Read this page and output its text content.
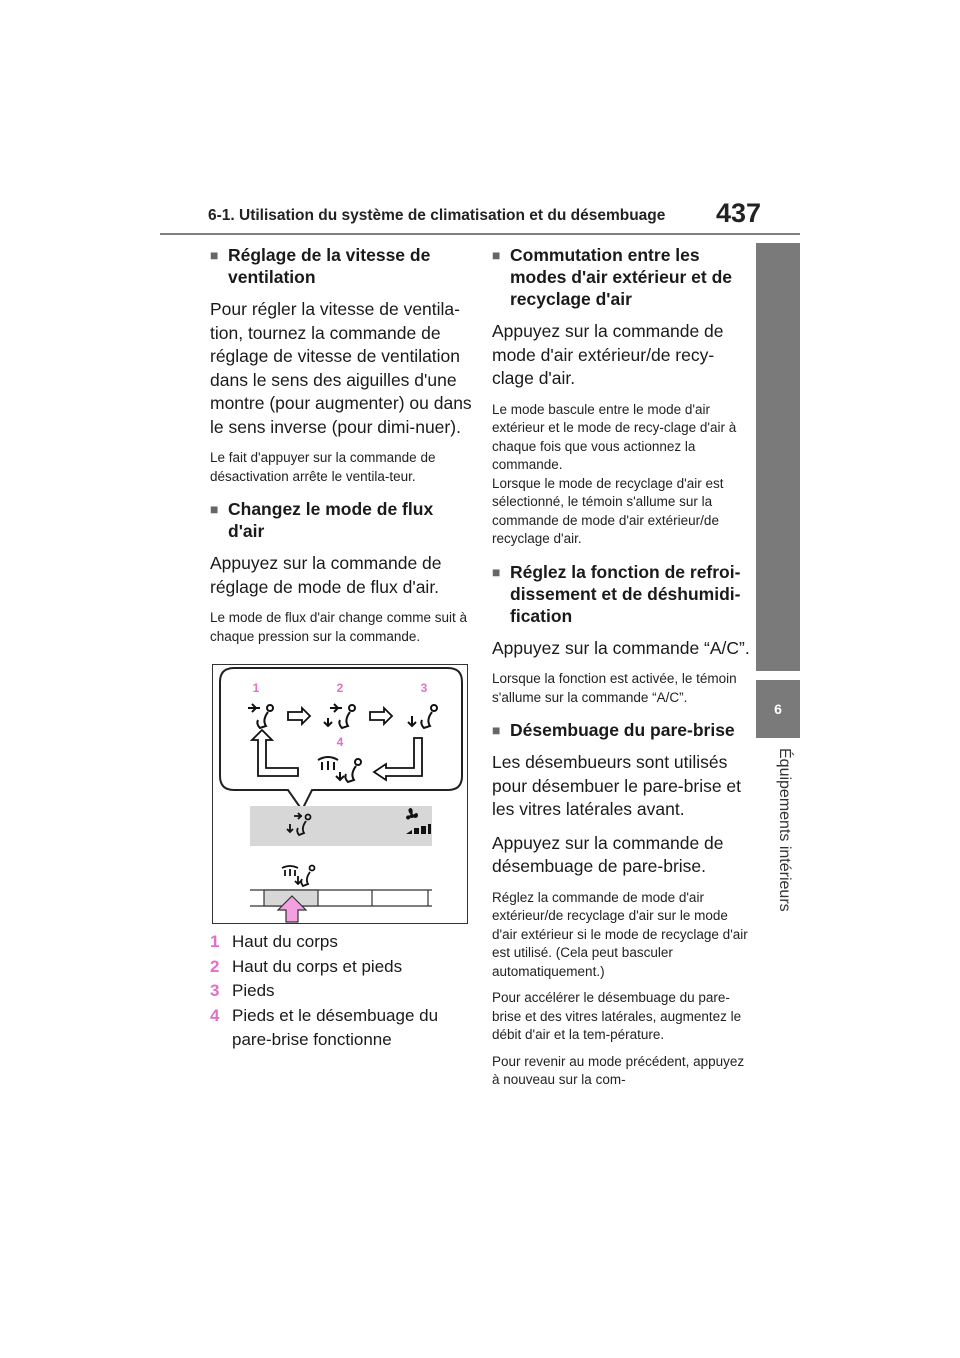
6-1. Utilisation du système de climatisation et du désembuage 437
6
Équipements intérieurs
■ Réglage de la vitesse de ventilation

Pour régler la vitesse de ventila-tion, tournez la commande de réglage de vitesse de ventilation dans le sens des aiguilles d'une montre (pour augmenter) ou dans le sens inverse (pour dimi-nuer).

Le fait d'appuyer sur la commande de désactivation arrête le ventila-teur.

■ Changez le mode de flux d'air

Appuyez sur la commande de réglage de mode de flux d'air.

Le mode de flux d'air change comme suit à chaque pression sur la commande.

1	2	3
4
1 Haut du corps
2 Haut du corps et pieds
3 Pieds
4 Pieds et le désembuage du pare-brise fonctionne
■ Commutation entre les modes d'air extérieur et de recyclage d'air

Appuyez sur la commande de mode d'air extérieur/de recy-clage d'air.

Le mode bascule entre le mode d'air extérieur et le mode de recy-clage d'air à chaque fois que vous actionnez la commande.

Lorsque le mode de recyclage d'air est sélectionné, le témoin s'allume sur la commande de mode d'air extérieur/de recyclage d'air.

■ Réglez la fonction de refroi-dissement et de déshumidi-fication

Appuyez sur la commande “A/C”.

Lorsque la fonction est activée, le témoin s'allume sur la commande “A/C”.

■ Désembuage du pare-brise

Les désembueurs sont utilisés pour désembuer le pare-brise et les vitres latérales avant.

Appuyez sur la commande de désembuage de pare-brise.

Réglez la commande de mode d'air extérieur/de recyclage d'air sur le mode d'air extérieur si le mode de recyclage d'air est utilisé. (Cela peut basculer automatiquement.)

Pour accélérer le désembuage du pare-brise et des vitres latérales, augmentez le débit d'air et la tem-pérature.

Pour revenir au mode précédent, appuyez à nouveau sur la com-
